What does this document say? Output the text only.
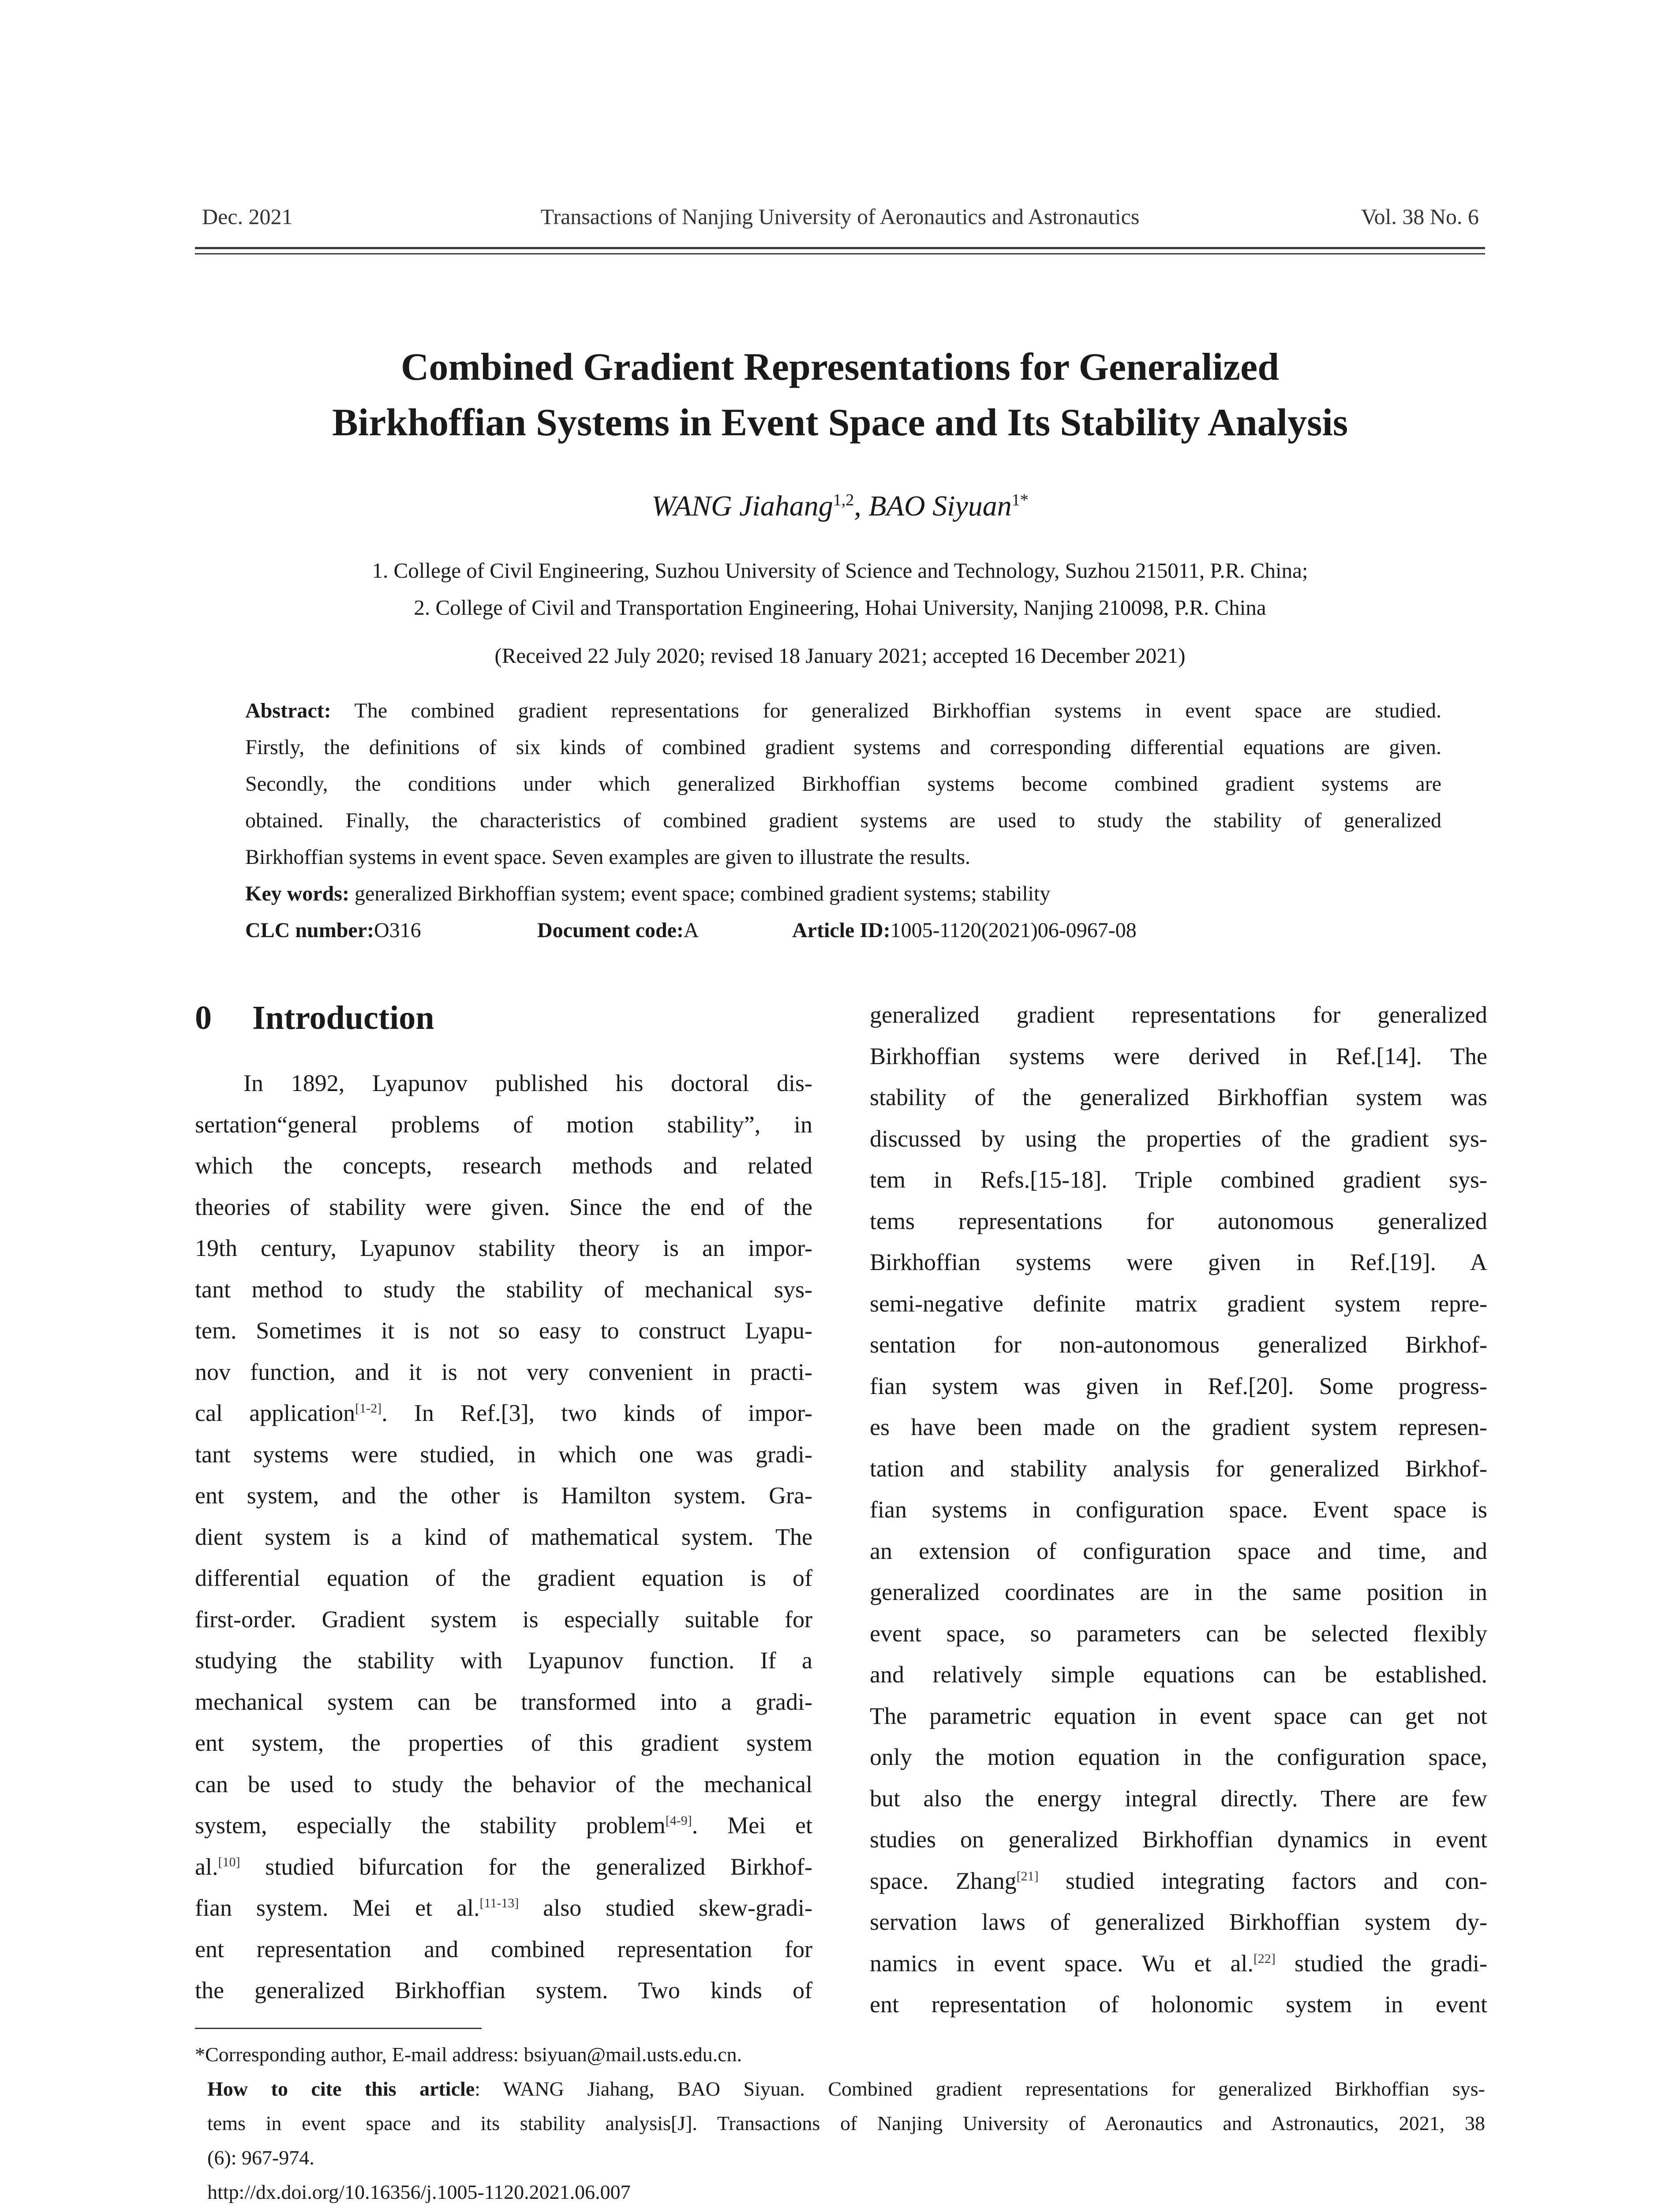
Dec. 2021	Transactions of Nanjing University of Aeronautics and Astronautics	Vol. 38 No. 6
Combined Gradient Representations for Generalized
Birkhoffian Systems in Event Space and Its Stability Analysis
WANG Jiahang$^{1,2}$, BAO Siyuan$^{1*}$
1. College of Civil Engineering, Suzhou University of Science and Technology, Suzhou 215011, P.R. China;
2. College of Civil and Transportation Engineering, Hohai University, Nanjing 210098, P.R. China
(Received 22 July 2020; revised 18 January 2021; accepted 16 December 2021)
Abstract: The combined gradient representations for generalized Birkhoffian systems in event space are studied.
Firstly, the definitions of six kinds of combined gradient systems and corresponding differential equations are given.
Secondly, the conditions under which generalized Birkhoffian systems become combined gradient systems are
obtained. Finally, the characteristics of combined gradient systems are used to study the stability of generalized
Birkhoffian systems in event space. Seven examples are given to illustrate the results.
Key words: generalized Birkhoffian system; event space; combined gradient systems; stability
CLC number:O316	Document code:A	Article ID:1005-1120(2021)06-0967-08
0 Introduction
In 1892, Lyapunov published his doctoral dis-
sertation“general problems of motion stability”, in
which the concepts, research methods and related
theories of stability were given. Since the end of the
19th century, Lyapunov stability theory is an impor-
tant method to study the stability of mechanical sys-
tem. Sometimes it is not so easy to construct Lyapu-
nov function, and it is not very convenient in practi-
cal application[1-2]. In Ref.[3], two kinds of impor-
tant systems were studied, in which one was gradi-
ent system, and the other is Hamilton system. Gra-
dient system is a kind of mathematical system. The
differential equation of the gradient equation is of
first-order. Gradient system is especially suitable for
studying the stability with Lyapunov function. If a
mechanical system can be transformed into a gradi-
ent system, the properties of this gradient system
can be used to study the behavior of the mechanical
system, especially the stability problem[4-9]. Mei et
al.[10] studied bifurcation for the generalized Birkhof-
fian system. Mei et al.[11-13] also studied skew-gradi-
ent representation and combined representation for
the generalized Birkhoffian system. Two kinds of
generalized gradient representations for generalized
Birkhoffian systems were derived in Ref.[14]. The
stability of the generalized Birkhoffian system was
discussed by using the properties of the gradient sys-
tem in Refs.[15-18]. Triple combined gradient sys-
tems representations for autonomous generalized
Birkhoffian systems were given in Ref.[19]. A
semi-negative definite matrix gradient system repre-
sentation for non-autonomous generalized Birkhof-
fian system was given in Ref.[20]. Some progress-
es have been made on the gradient system represen-
tation and stability analysis for generalized Birkhof-
fian systems in configuration space. Event space is
an extension of configuration space and time, and
generalized coordinates are in the same position in
event space, so parameters can be selected flexibly
and relatively simple equations can be established.
The parametric equation in event space can get not
only the motion equation in the configuration space,
but also the energy integral directly. There are few
studies on generalized Birkhoffian dynamics in event
space. Zhang[21] studied integrating factors and con-
servation laws of generalized Birkhoffian system dy-
namics in event space. Wu et al.[22] studied the gradi-
ent representation of holonomic system in event
*Corresponding author, E-mail address: bsiyuan@mail.usts.edu.cn.
How to cite this article: WANG Jiahang, BAO Siyuan. Combined gradient representations for generalized Birkhoffian sys-
tems in event space and its stability analysis[J]. Transactions of Nanjing University of Aeronautics and Astronautics, 2021, 38
(6): 967-974.
http://dx.doi.org/10.16356/j.1005-1120.2021.06.007
